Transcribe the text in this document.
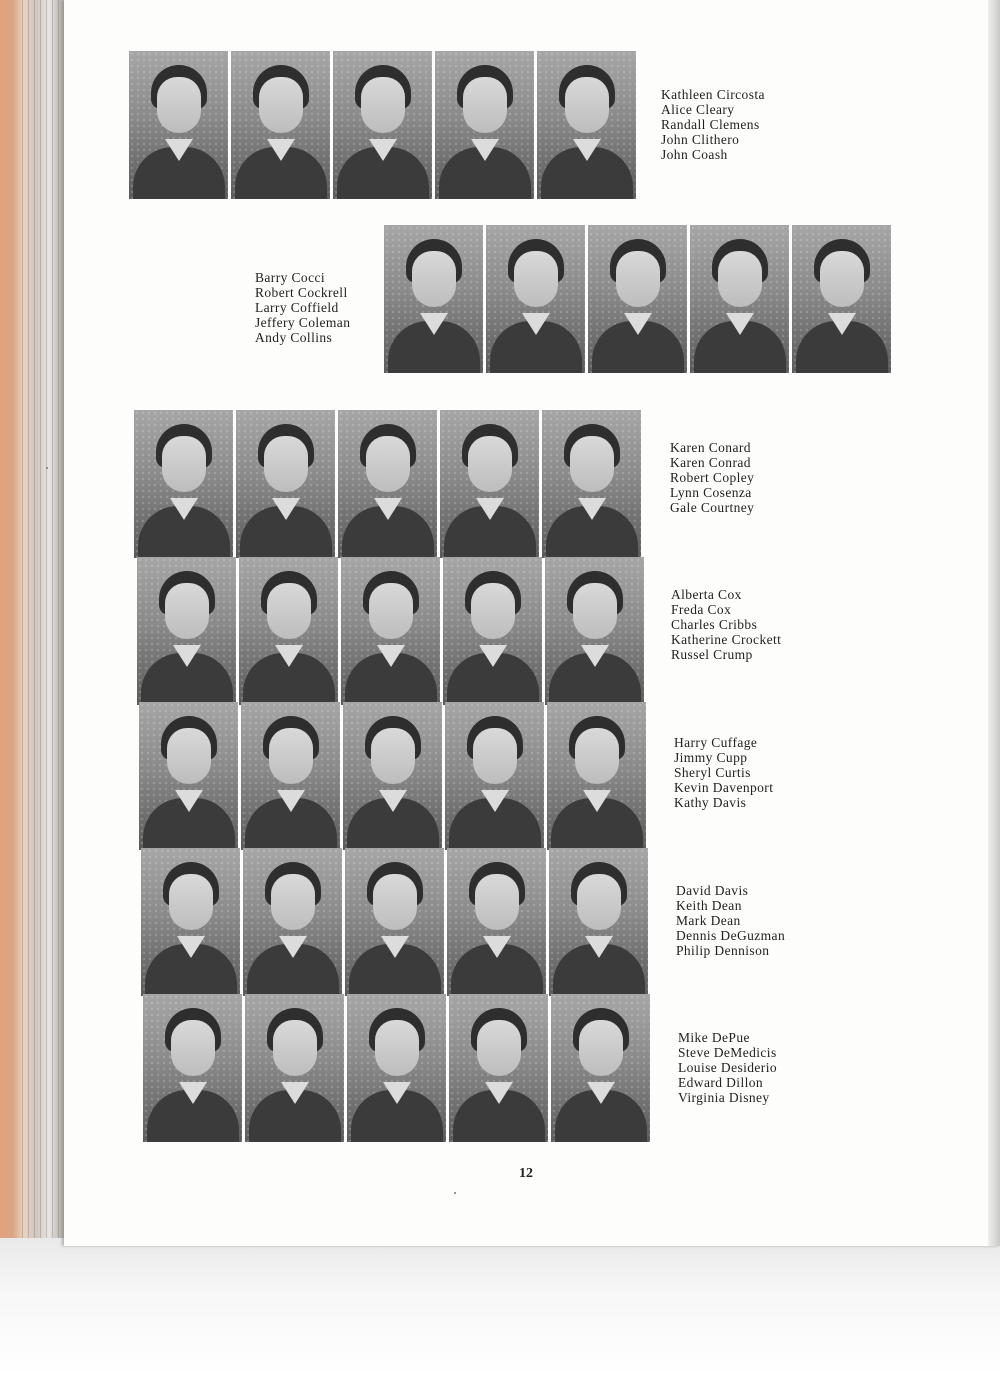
Kathleen Circosta
Alice Cleary
Randall Clemens
John Clithero
John Coash
Barry Cocci
Robert Cockrell
Larry Coffield
Jeffery Coleman
Andy Collins
Karen Conard
Karen Conrad
Robert Copley
Lynn Cosenza
Gale Courtney
Alberta Cox
Freda Cox
Charles Cribbs
Katherine Crockett
Russel Crump
Harry Cuffage
Jimmy Cupp
Sheryl Curtis
Kevin Davenport
Kathy Davis
David Davis
Keith Dean
Mark Dean
Dennis DeGuzman
Philip Dennison
Mike DePue
Steve DeMedicis
Louise Desiderio
Edward Dillon
Virginia Disney
12
